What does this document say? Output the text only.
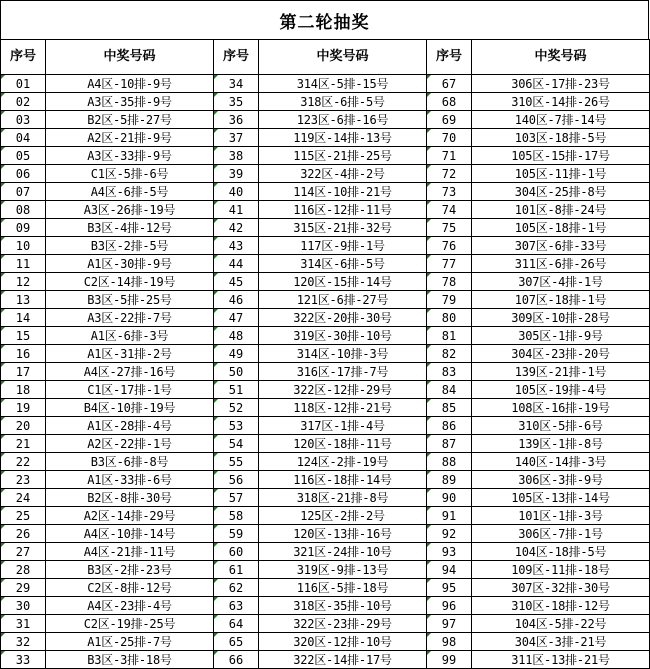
第二轮抽奖
序号	中奖号码	序号	中奖号码	序号	中奖号码
01	A4区-10排-9号	34	314区-5排-15号	67	306区-17排-23号
02	A3区-35排-9号	35	318区-6排-5号	68	310区-14排-26号
03	B2区-5排-27号	36	123区-6排-16号	69	140区-7排-14号
04	A2区-21排-9号	37	119区-14排-13号	70	103区-18排-5号
05	A3区-33排-9号	38	115区-21排-25号	71	105区-15排-17号
06	C1区-5排-6号	39	322区-4排-2号	72	105区-11排-1号
07	A4区-6排-5号	40	114区-10排-21号	73	304区-25排-8号
08	A3区-26排-19号	41	116区-12排-11号	74	101区-8排-24号
09	B3区-4排-12号	42	315区-21排-32号	75	105区-18排-1号
10	B3区-2排-5号	43	117区-9排-1号	76	307区-6排-33号
11	A1区-30排-9号	44	314区-6排-5号	77	311区-6排-26号
12	C2区-14排-19号	45	120区-15排-14号	78	307区-4排-1号
13	B3区-5排-25号	46	121区-6排-27号	79	107区-18排-1号
14	A3区-22排-7号	47	322区-20排-30号	80	309区-10排-28号
15	A1区-6排-3号	48	319区-30排-10号	81	305区-1排-9号
16	A1区-31排-2号	49	314区-10排-3号	82	304区-23排-20号
17	A4区-27排-16号	50	316区-17排-7号	83	139区-21排-1号
18	C1区-17排-1号	51	322区-12排-29号	84	105区-19排-4号
19	B4区-10排-19号	52	118区-12排-21号	85	108区-16排-19号
20	A1区-28排-4号	53	317区-1排-4号	86	310区-5排-6号
21	A2区-22排-1号	54	120区-18排-11号	87	139区-1排-8号
22	B3区-6排-8号	55	124区-2排-19号	88	140区-14排-3号
23	A1区-33排-6号	56	116区-18排-14号	89	306区-3排-9号
24	B2区-8排-30号	57	318区-21排-8号	90	105区-13排-14号
25	A2区-14排-29号	58	125区-2排-2号	91	101区-1排-3号
26	A4区-10排-14号	59	120区-13排-16号	92	306区-7排-1号
27	A4区-21排-11号	60	321区-24排-10号	93	104区-18排-5号
28	B3区-2排-23号	61	319区-9排-13号	94	109区-11排-18号
29	C2区-8排-12号	62	116区-5排-18号	95	307区-32排-30号
30	A4区-23排-4号	63	318区-35排-10号	96	310区-18排-12号
31	C2区-19排-25号	64	322区-23排-29号	97	104区-5排-22号
32	A1区-25排-7号	65	320区-12排-10号	98	304区-3排-21号
33	B3区-3排-18号	66	322区-14排-17号	99	311区-13排-21号
